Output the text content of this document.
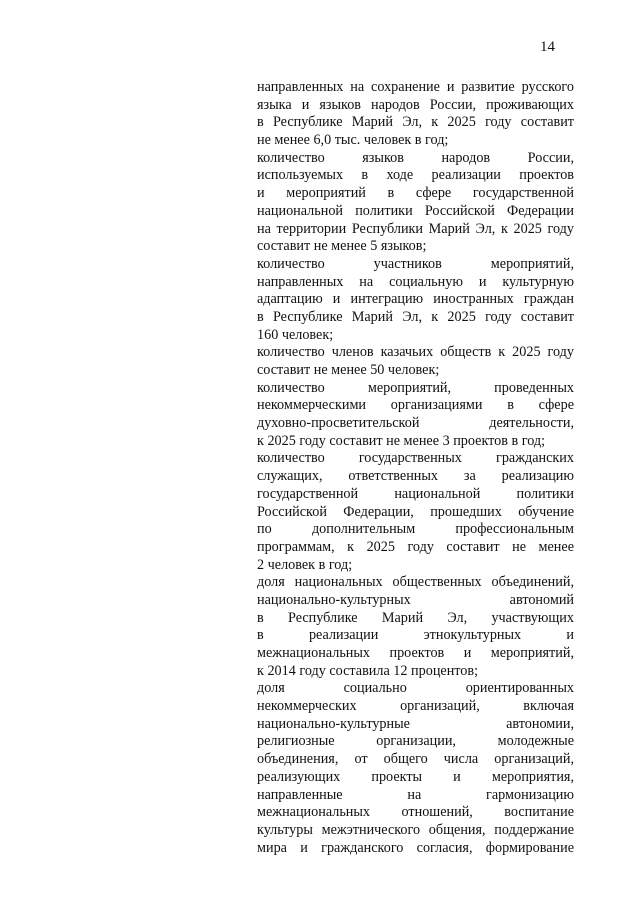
14
направленных на сохранение и развитие русского
языка и языков народов России, проживающих
в Республике Марий Эл, к 2025 году составит
не менее 6,0 тыс. человек в год;
количество языков народов России,
используемых в ходе реализации проектов
и мероприятий в сфере государственной
национальной политики Российской Федерации
на территории Республики Марий Эл, к 2025 году
составит не менее 5 языков;
количество участников мероприятий,
направленных на социальную и культурную
адаптацию и интеграцию иностранных граждан
в Республике Марий Эл, к 2025 году составит
160 человек;
количество членов казачьих обществ к 2025 году
составит не менее 50 человек;
количество мероприятий, проведенных
некоммерческими организациями в сфере
духовно-просветительской деятельности,
к 2025 году составит не менее 3 проектов в год;
количество государственных гражданских
служащих, ответственных за реализацию
государственной национальной политики
Российской Федерации, прошедших обучение
по дополнительным профессиональным
программам, к 2025 году составит не менее
2 человек в год;
доля национальных общественных объединений,
национально-культурных автономий
в Республике Марий Эл, участвующих
в реализации этнокультурных и
межнациональных проектов и мероприятий,
к 2014 году составила 12 процентов;
доля социально ориентированных
некоммерческих организаций, включая
национально-культурные автономии,
религиозные организации, молодежные
объединения, от общего числа организаций,
реализующих проекты и мероприятия,
направленные на гармонизацию
межнациональных отношений, воспитание
культуры межэтнического общения, поддержание
мира и гражданского согласия, формирование
